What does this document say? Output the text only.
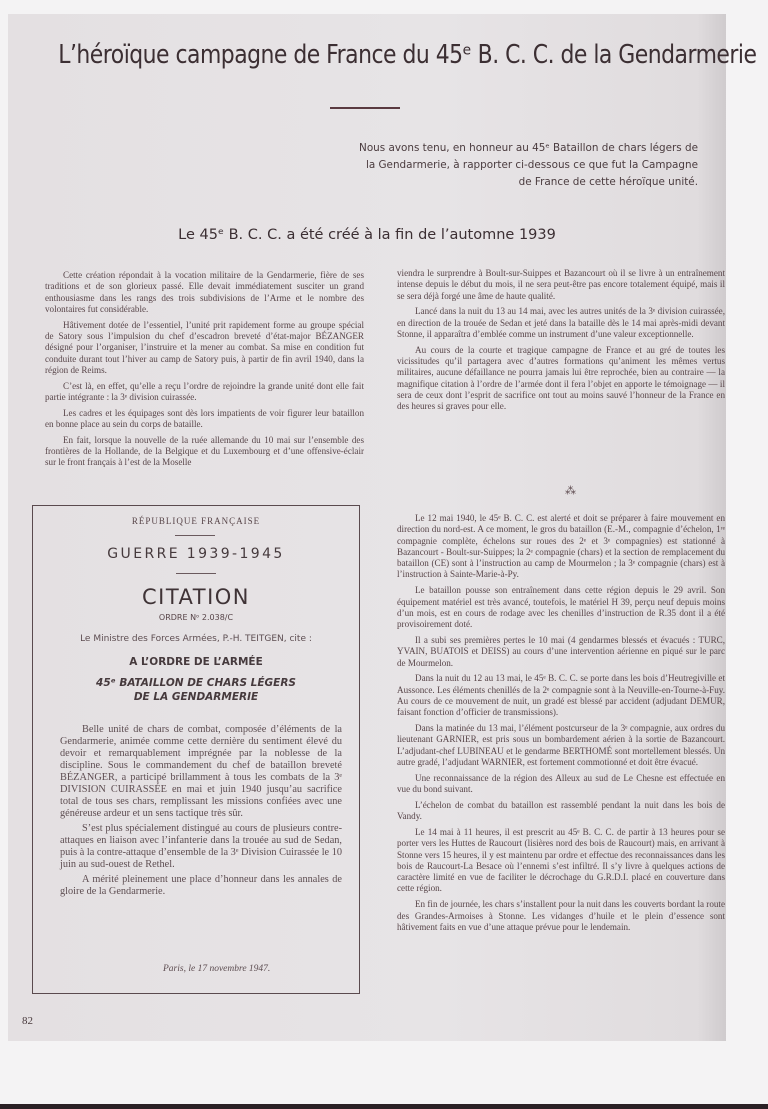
L’héroïque campagne de France du 45ᵉ B. C. C. de la Gendarmerie
Nous avons tenu, en honneur au 45ᵉ Bataillon de chars légers de la Gendarmerie, à rapporter ci-dessous ce que fut la Campagne de France de cette héroïque unité.
Le 45ᵉ B. C. C. a été créé à la fin de l’automne 1939

Cette création répondait à la vocation militaire de la Gendarmerie, fière de ses traditions et de son glorieux passé. Elle devait immédiatement susciter un grand enthousiasme dans les rangs des trois subdivisions de l’Arme et le nombre des volontaires fut considérable.

Hâtivement dotée de l’essentiel, l’unité prit rapidement forme au groupe spécial de Satory sous l’impulsion du chef d’escadron breveté d’état-major BÉZANGER désigné pour l’organiser, l’instruire et la mener au combat. Sa mise en condition fut conduite durant tout l’hiver au camp de Satory puis, à partir de fin avril 1940, dans la région de Reims.

C’est là, en effet, qu’elle a reçu l’ordre de rejoindre la grande unité dont elle fait partie intégrante : la 3ᵉ division cuirassée.

Les cadres et les équipages sont dès lors impatients de voir figurer leur bataillon en bonne place au sein du corps de bataille.

En fait, lorsque la nouvelle de la ruée allemande du 10 mai sur l’ensemble des frontières de la Hollande, de la Belgique et du Luxembourg et d’une offensive-éclair sur le front français à l’est de la Moselle

viendra le surprendre à Boult-sur-Suippes et Bazancourt où il se livre à un entraînement intense depuis le début du mois, il ne sera peut-être pas encore totalement équipé, mais il se sera déjà forgé une âme de haute qualité.

Lancé dans la nuit du 13 au 14 mai, avec les autres unités de la 3ᵉ division cuirassée, en direction de la trouée de Sedan et jeté dans la bataille dès le 14 mai après-midi devant Stonne, il apparaîtra d’emblée comme un instrument d’une valeur exceptionnelle.

Au cours de la courte et tragique campagne de France et au gré de toutes les vicissitudes qu’il partagera avec d’autres formations qu’animent les mêmes vertus militaires, aucune défaillance ne pourra jamais lui être reprochée, bien au contraire — la magnifique citation à l’ordre de l’armée dont il fera l’objet en apporte le témoignage — il sera de ceux dont l’esprit de sacrifice ont tout au moins sauvé l’honneur de la France en des heures si graves pour elle.

⁂

Le 12 mai 1940, le 45ᵉ B. C. C. est alerté et doit se préparer à faire mouvement en direction du nord-est. A ce moment, le gros du bataillon (E.-M., compagnie d’échelon, 1ʳᵉ compagnie complète, échelons sur roues des 2ᵉ et 3ᵉ compagnies) est stationné à Bazancourt - Boult-sur-Suippes; la 2ᵉ compagnie (chars) et la section de remplacement du bataillon (CE) sont à l’instruction au camp de Mourmelon ; la 3ᵉ compagnie (chars) est à l’instruction à Sainte-Marie-à-Py.

Le bataillon pousse son entraînement dans cette région depuis le 29 avril. Son équipement matériel est très avancé, toutefois, le matériel H 39, perçu neuf depuis moins d’un mois, est en cours de rodage avec les chenilles d’instruction de R.35 dont il a été provisoirement doté.

Il a subi ses premières pertes le 10 mai (4 gendarmes blessés et évacués : TURC, YVAIN, BUATOIS et DEISS) au cours d’une intervention aérienne en piqué sur le parc de Mourmelon.

Dans la nuit du 12 au 13 mai, le 45ᵉ B. C. C. se porte dans les bois d’Heutregiville et Aussonce. Les éléments chenillés de la 2ᵉ compagnie sont à la Neuville-en-Tourne-à-Fuy. Au cours de ce mouvement de nuit, un gradé est blessé par accident (adjudant DEMUR, faisant fonction d’officier de transmissions).

Dans la matinée du 13 mai, l’élément postcurseur de la 3ᵉ compagnie, aux ordres du lieutenant GARNIER, est pris sous un bombardement aérien à la sortie de Bazancourt. L’adjudant-chef LUBINEAU et le gendarme BERTHOMÉ sont mortellement blessés. Un autre gradé, l’adjudant WARNIER, est fortement commotionné et doit être évacué.

Une reconnaissance de la région des Alleux au sud de Le Chesne est effectuée en vue du bond suivant.

L’échelon de combat du bataillon est rassemblé pendant la nuit dans les bois de Vandy.

Le 14 mai à 11 heures, il est prescrit au 45ᵉ B. C. C. de partir à 13 heures pour se porter vers les Huttes de Raucourt (lisières nord des bois de Raucourt) mais, en arrivant à Stonne vers 15 heures, il y est maintenu par ordre et effectue des reconnaissances dans les bois de Raucourt-La Besace où l’ennemi s’est infiltré. Il s’y livre à quelques actions de caractère limité en vue de faciliter le décrochage du G.R.D.I. placé en couverture dans cette région.

En fin de journée, les chars s’installent pour la nuit dans les couverts bordant la route des Grandes-Armoises à Stonne. Les vidanges d’huile et le plein d’essence sont hâtivement faits en vue d’une attaque prévue pour le lendemain.

RÉPUBLIQUE FRANÇAISE
GUERRE 1939-1945
CITATION
ORDRE Nᵒ 2.038/C
Le Ministre des Forces Armées, P.-H. TEITGEN, cite :
A L’ORDRE DE L’ARMÉE
45ᵉ BATAILLON DE CHARS LÉGERS
DE LA GENDARMERIE

Belle unité de chars de combat, composée d’éléments de la Gendarmerie, animée comme cette dernière du sentiment élevé du devoir et remarquablement imprégnée par la noblesse de la discipline. Sous le commandement du chef de bataillon breveté BÉZANGER, a participé brillamment à tous les combats de la 3ᵉ DIVISION CUIRASSÉE en mai et juin 1940 jusqu’au sacrifice total de tous ses chars, remplissant les missions confiées avec une généreuse ardeur et un sens tactique très sûr.

S’est plus spécialement distingué au cours de plusieurs contre-attaques en liaison avec l’infanterie dans la trouée au sud de Sedan, puis à la contre-attaque d’ensemble de la 3ᵉ Division Cuirassée le 10 juin au sud-ouest de Rethel.

A mérité pleinement une place d’honneur dans les annales de gloire de la Gendarmerie.

Paris, le 17 novembre 1947.
82
